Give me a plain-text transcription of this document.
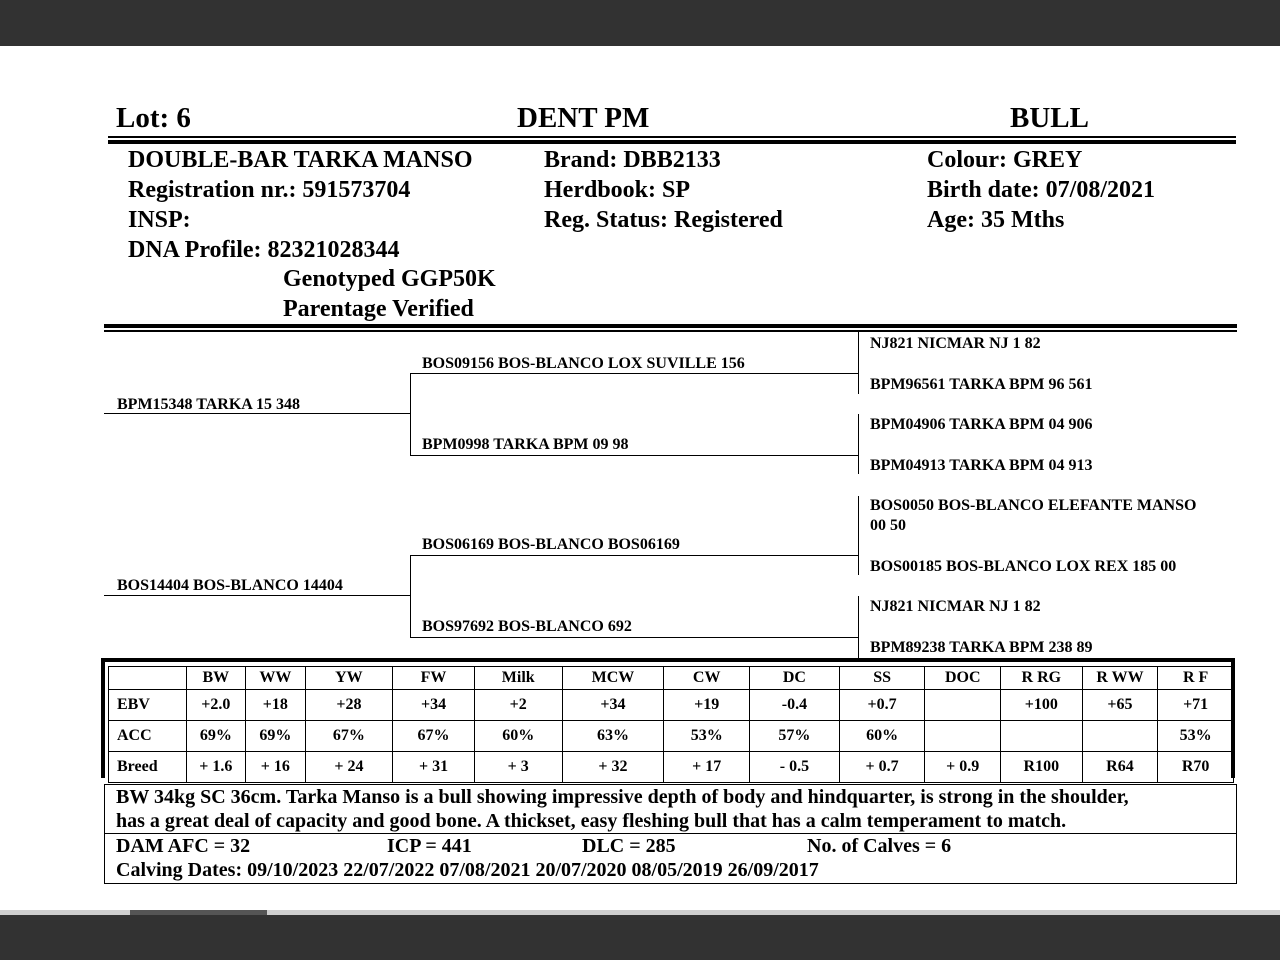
Lot: 6	DENT PM	BULL
DOUBLE-BAR TARKA MANSO
Registration nr.: 591573704
INSP:
DNA Profile: 82321028344
Genotyped GGP50K
Parentage Verified
Brand: DBB2133
Herdbook: SP
Reg. Status: Registered
Colour: GREY
Birth date: 07/08/2021
Age: 35 Mths
BPM15348 TARKA 15 348
BOS14404 BOS-BLANCO 14404
BOS09156 BOS-BLANCO LOX SUVILLE 156
BPM0998 TARKA BPM 09 98
BOS06169 BOS-BLANCO BOS06169
BOS97692 BOS-BLANCO 692
NJ821 NICMAR NJ 1 82
BPM96561 TARKA BPM 96 561
BPM04906 TARKA BPM 04 906
BPM04913 TARKA BPM 04 913
BOS0050 BOS-BLANCO ELEFANTE MANSO
00 50
BOS00185 BOS-BLANCO LOX REX 185 00
NJ821 NICMAR NJ 1 82
BPM89238 TARKA BPM 238 89
	BW	WW	YW	FW	Milk	MCW	CW	DC	SS	DOC	R RG	R WW	R F
EBV	+2.0	+18	+28	+34	+2	+34	+19	-0.4	+0.7		+100	+65	+71
ACC	69%	69%	67%	67%	60%	63%	53%	57%	60%				53%
Breed	+ 1.6	+ 16	+ 24	+ 31	+ 3	+ 32	+ 17	- 0.5	+ 0.7	+ 0.9	R100	R64	R70
BW 34kg SC 36cm. Tarka Manso is a bull showing impressive depth of body and hindquarter, is strong in the shoulder,
has a great deal of capacity and good bone. A thickset, easy fleshing bull that has a calm temperament to match.
DAM AFC = 32	ICP = 441	DLC = 285	No. of Calves = 6
Calving Dates: 09/10/2023 22/07/2022 07/08/2021 20/07/2020 08/05/2019 26/09/2017
